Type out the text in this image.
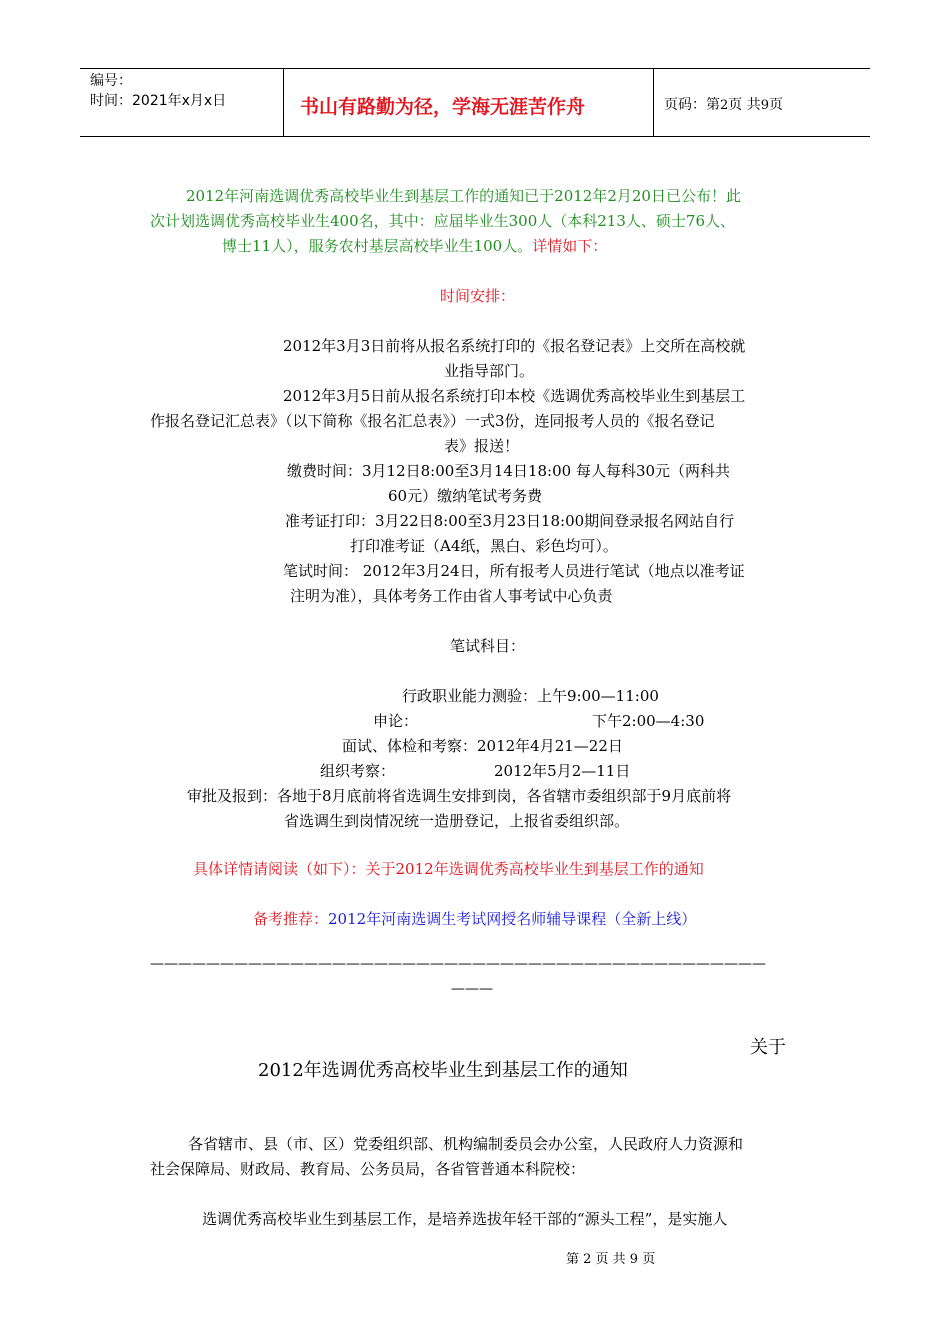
编号：
时间：2021年x月x日	书山有路勤为径，学海无涯苦作舟	页码：第2页 共9页
2012年河南选调优秀高校毕业生到基层工作的通知已于2012年2月20日已公布！此
次计划选调优秀高校毕业生400名，其中：应届毕业生300人（本科213人、硕士76人、
博士11人），服务农村基层高校毕业生100人。详情如下：
时间安排：
2012年3月3日前将从报名系统打印的《报名登记表》上交所在高校就
业指导部门。
2012年3月5日前从报名系统打印本校《选调优秀高校毕业生到基层工
作报名登记汇总表》（以下简称《报名汇总表》）一式3份，连同报考人员的《报名登记
表》报送！
缴费时间：3月12日8:00至3月14日18:00 每人每科30元（两科共
60元）缴纳笔试考务费
准考证打印：3月22日8:00至3月23日18:00期间登录报名网站自行
打印准考证（A4纸，黑白、彩色均可）。
笔试时间： 2012年3月24日，所有报考人员进行笔试（地点以准考证
注明为准），具体考务工作由省人事考试中心负责
笔试科目：
行政职业能力测验：上午9:00—11:00
申论：	下午2:00—4:30
面试、体检和考察：2012年4月21—22日
组织考察：	2012年5月2—11日
审批及报到：各地于8月底前将省选调生安排到岗，各省辖市委组织部于9月底前将
省选调生到岗情况统一造册登记，上报省委组织部。
具体详情请阅读（如下）：关于2012年选调优秀高校毕业生到基层工作的通知
备考推荐：2012年河南选调生考试网授名师辅导课程（全新上线）
————————————————————————————————————————————
———
关于
2012年选调优秀高校毕业生到基层工作的通知
各省辖市、县（市、区）党委组织部、机构编制委员会办公室，人民政府人力资源和
社会保障局、财政局、教育局、公务员局，各省管普通本科院校：
选调优秀高校毕业生到基层工作，是培养选拔年轻干部的“源头工程”，是实施人
第 2 页 共 9 页
